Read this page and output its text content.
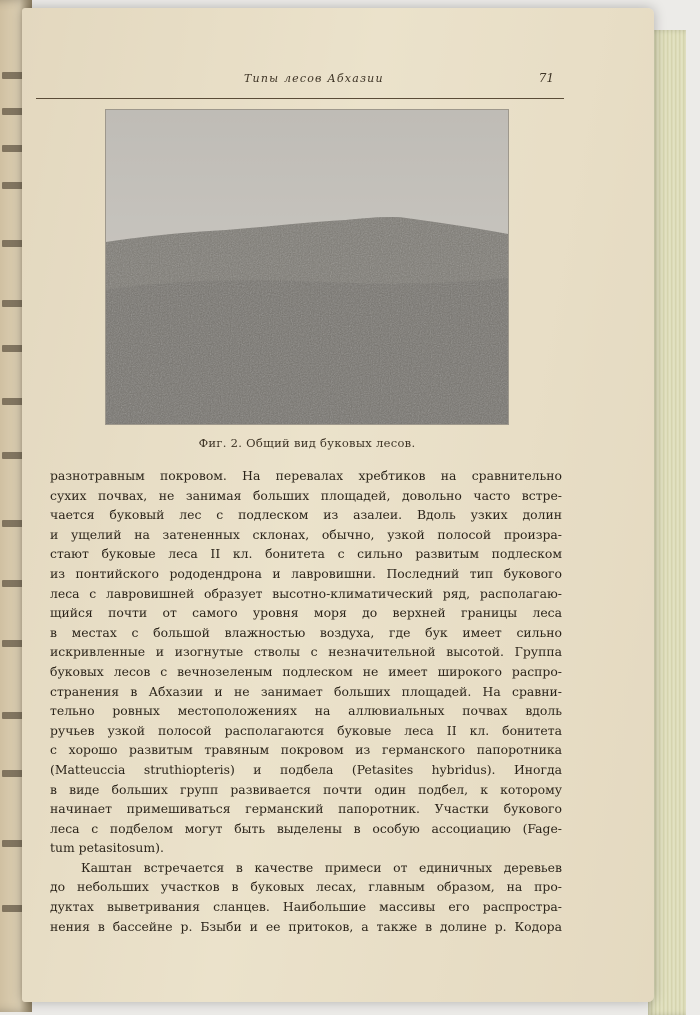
Типы лесов Абхазии	71
Фиг. 2. Общий вид буковых лесов.
разнотравным покровом. На перевалах хребтиков на сравнительно
сухих почвах, не занимая больших площадей, довольно часто встре-
чается буковый лес с подлеском из азалеи. Вдоль узких долин
и ущелий на затененных склонах, обычно, узкой полосой произра-
стают буковые леса II кл. бонитета с сильно развитым подлеском
из понтийского рододендрона и лавровишни. Последний тип букового
леса с лавровишней образует высотно-климатический ряд, располагаю-
щийся почти от самого уровня моря до верхней границы леса
в местах с большой влажностью воздуха, где бук имеет сильно
искривленные и изогнутые стволы с незначительной высотой. Группа
буковых лесов с вечнозеленым подлеском не имеет широкого распро-
странения в Абхазии и не занимает больших площадей. На сравни-
тельно ровных местоположениях на аллювиальных почвах вдоль
ручьев узкой полосой располагаются буковые леса II кл. бонитета
с хорошо развитым травяным покровом из германского папоротника
(Matteuccia struthiopteris) и подбела (Petasites hybridus). Иногда
в виде больших групп развивается почти один подбел, к которому
начинает примешиваться германский папоротник. Участки букового
леса с подбелом могут быть выделены в особую ассоциацию (Fage-
tum petasitosum).
Каштан встречается в качестве примеси от единичных деревьев
до небольших участков в буковых лесах, главным образом, на про-
дуктах выветривания сланцев. Наибольшие массивы его распростра-
нения в бассейне р. Бзыби и ее притоков, а также в долине р. Кодора
